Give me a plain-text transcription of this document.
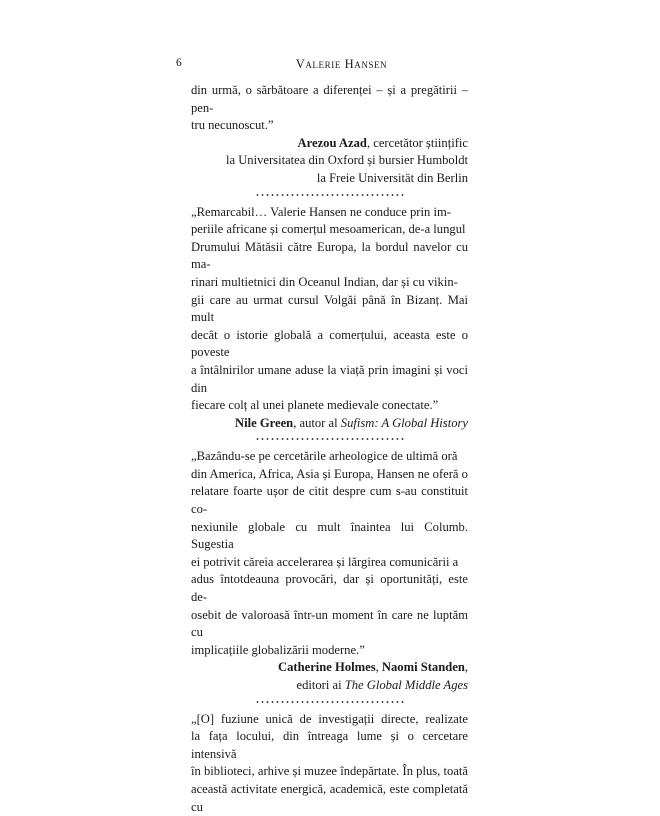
6	Valerie Hansen

din urmă, o sărbătoare a diferenței – și a pregătirii – pen-

tru necunoscut.”

Arezou Azad, cercetător științific

la Universitatea din Oxford și bursier Humboldt

la Freie Universität din Berlin

„Remarcabil… Valerie Hansen ne conduce prin im-

periile africane și comerțul mesoamerican, de-a lungul

Drumului Mătăsii către Europa, la bordul navelor cu ma-

rinari multietnici din Oceanul Indian, dar și cu vikin-

gii care au urmat cursul Volgăi până în Bizanț. Mai mult

decât o istorie globală a comerțului, aceasta este o poveste

a întâlnirilor umane aduse la viață prin imagini și voci din

fiecare colț al unei planete medievale conectate.”

Nile Green, autor al Sufism: A Global History

„Bazându-se pe cercetările arheologice de ultimă oră

din America, Africa, Asia și Europa, Hansen ne oferă o

relatare foarte ușor de citit despre cum s-au constituit co-

nexiunile globale cu mult înaintea lui Columb. Sugestia

ei potrivit căreia accelerarea și lărgirea comunicării a

adus întotdeauna provocări, dar și oportunități, este de-

osebit de valoroasă într-un moment în care ne luptăm cu

implicațiile globalizării moderne.”

Catherine Holmes, Naomi Standen,

editori ai The Global Middle Ages

„[O] fuziune unică de investigații directe, realizate

la fața locului, din întreaga lume și o cercetare intensivă

în biblioteci, arhive și muzee îndepărtate. În plus, toată

această activitate energică, academică, este completată cu
